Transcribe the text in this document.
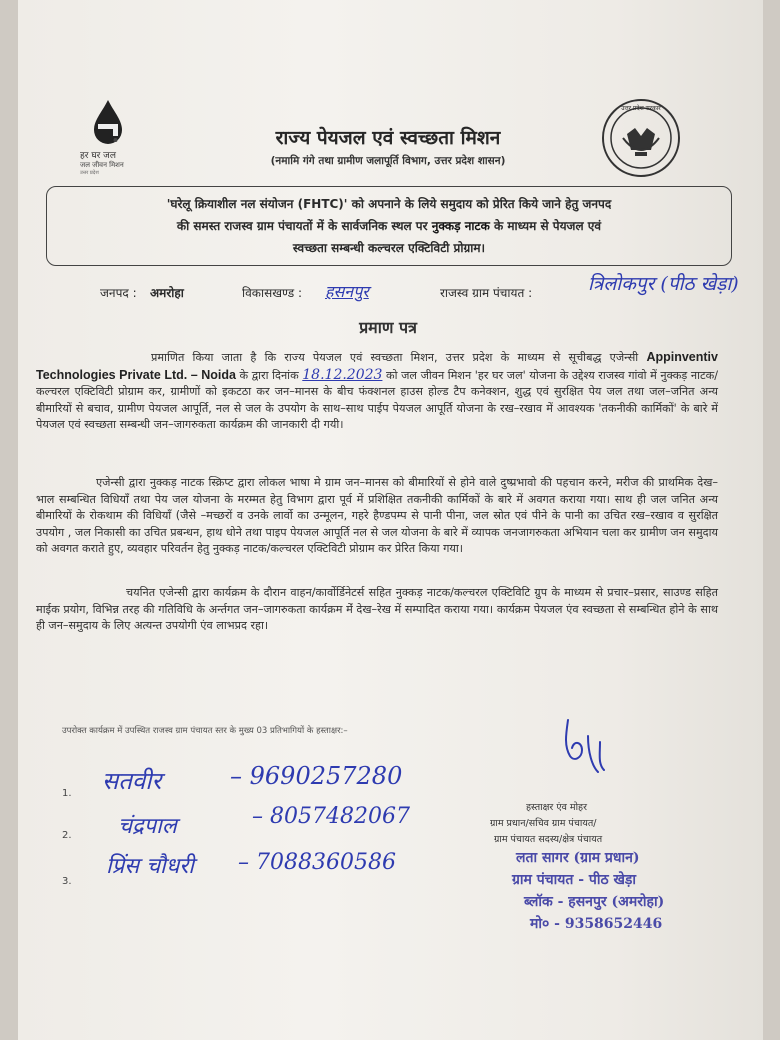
हर घर जल
जल जीवन मिशन
उत्तर प्रदेश
राज्य पेयजल एवं स्वच्छता मिशन
(नमामि गंगे तथा ग्रामीण जलापूर्ति विभाग, उत्तर प्रदेश शासन)
उत्तर प्रदेश सरकार
'घरेलू क्रियाशील नल संयोजन (FHTC)' को अपनाने के लिये समुदाय को प्रेरित किये जाने हेतु जनपद
की समस्त राजस्व ग्राम पंचायतों में के सार्वजनिक स्थल पर नुक्कड़ नाटक के माध्यम से पेयजल एवं
स्वच्छता सम्बन्धी कल्चरल एक्टिविटी प्रोग्राम।
जनपद : अमरोहा	विकासखण्ड : हसनपुर	राजस्व ग्राम पंचायत :	त्रिलोकपुर (पीठ खेड़ा)
प्रमाण पत्र

प्रमाणित किया जाता है कि राज्य पेयजल एवं स्वच्छता मिशन, उत्तर प्रदेश के माध्यम से सूचीबद्ध एजेन्सी Appinventiv Technologies Private Ltd. – Noida के द्वारा दिनांक 18.12.2023 को जल जीवन मिशन 'हर घर जल' योजना के उद्देश्य राजस्व गांवो में नुक्कड़ नाटक/कल्चरल एक्टिविटी प्रोग्राम कर, ग्रामीणों को इकटठा कर जन–मानस के बीच फंक्शनल हाउस होल्ड टैप कनेक्शन, शुद्ध एवं सुरक्षित पेय जल तथा जल–जनित अन्य बीमारियों से बचाव, ग्रामीण पेयजल आपूर्ति, नल से जल के उपयोग के साथ–साथ पाईप पेयजल आपूर्ति योजना के रख–रखाव में आवश्यक 'तकनीकी कार्मिकों' के बारे में पेयजल एवं स्वच्छता सम्बन्धी जन–जागरुकता कार्यक्रम की जानकारी दी गयी।

एजेन्सी द्वारा नुक्कड़ नाटक स्क्रिप्ट द्वारा लोकल भाषा मे ग्राम जन–मानस को बीमारियों से होने वाले दुष्प्रभावो की पहचान करने, मरीज की प्राथमिक देख–भाल सम्बन्धित विधियाँ तथा पेय जल योजना के मरम्मत हेतु विभाग द्वारा पूर्व में प्रशिक्षित तकनीकी कार्मिकों के बारे में अवगत कराया गया। साथ ही जल जनित अन्य बीमारियों के रोकथाम की विधियाँ (जैसे –मच्छरों व उनके लार्वो का उन्मूलन, गहरे हैण्डपम्प से पानी पीना, जल स्रोत एवं पीने के पानी का उचित रख–रखाव व सुरक्षित उपयोग , जल निकासी का उचित प्रबन्धन, हाथ धोने तथा पाइप पेयजल आपूर्ति नल से जल योजना के बारे में व्यापक जनजागरुकता अभियान चला कर ग्रामीण जन समुदाय को अवगत कराते हुए, व्यवहार परिवर्तन हेतु नुक्कड़ नाटक/कल्चरल एक्टिविटी प्रोग्राम कर प्रेरित किया गया।

चयनित एजेन्सी द्वारा कार्यक्रम के दौरान वाहन/कार्वोर्डिनेटर्स सहित नुक्कड़ नाटक/कल्चरल एक्टिविटि ग्रुप के माध्यम से प्रचार–प्रसार, साउण्ड सहित माईक प्रयोग, विभिन्न तरह की गतिविधि के अर्न्तगत जन–जागरुकता कार्यक्रम मेंं देख–रेख में सम्पादित कराया गया। कार्यक्रम पेयजल एंव स्वच्छता से सम्बन्धित होने के साथ ही जन–समुदाय के लिए अत्यन्त उपयोगी एंव लाभप्रद रहा।

उपरोक्त कार्यक्रम में उपस्थित राजस्व ग्राम पंचायत स्तर के मुख्य 03 प्रतिभागियों के हस्ताक्षर:–
1. सतवीर	– 9690257280
2. चंद्रपाल	– 8057482067
3.
प्रिंस चौधरी – 7088360586
हस्ताक्षर एंव मोहर
ग्राम प्रधान/सचिव ग्राम पंचायत/
ग्राम पंचायत सदस्य/क्षेत्र पंचायत
लता सागर (ग्राम प्रधान)
ग्राम पंचायत - पीठ खेड़ा
ब्लॉक - हसनपुर (अमरोहा)
मो० - 9358652446
